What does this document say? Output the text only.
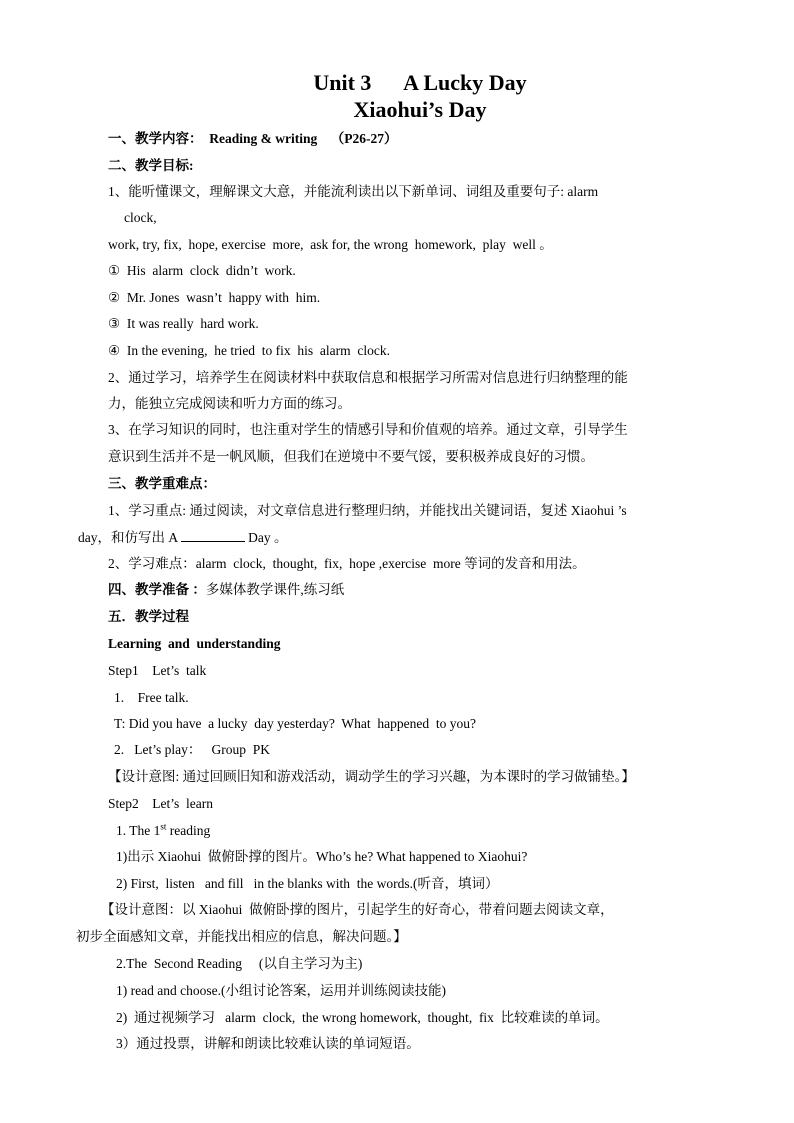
Unit 3      A Lucky Day
Xiaohui’s Day
一、教学内容：  Reading & writing    （P26-27）
二、教学目标:
1、能听懂课文，理解课文大意，并能流利读出以下新单词、词组及重要句子: alarm
clock,
work, try, fix,  hope, exercise  more,  ask for, the wrong  homework,  play  well 。
①  His  alarm  clock  didn’t  work.
②  Mr. Jones  wasn’t  happy with  him.
③  It was really  hard work.
④  In the evening,  he tried  to fix  his  alarm  clock.
2、通过学习，培养学生在阅读材料中获取信息和根据学习所需对信息进行归纳整理的能
力，能独立完成阅读和听力方面的练习。
3、在学习知识的同时，也注重对学生的情感引导和价值观的培养。通过文章，引导学生
意识到生活并不是一帆风顺，但我们在逆境中不要气馁，要积极养成良好的习惯。
三、教学重难点：
1、学习重点: 通过阅读，对文章信息进行整理归纳，并能找出关键词语，复述 Xiaohui ’s
day，和仿写出 A	Day 。
2、学习难点：alarm  clock,  thought,  fix,  hope ,exercise  more 等词的发音和用法。
四、教学准备 ：多媒体教学课件,练习纸
五．教学过程
Learning  and  understanding
Step1    Let’s  talk
1.    Free talk.
T: Did you have  a lucky  day yesterday?  What  happened  to you?
2.   Let’s play：   Group  PK
【设计意图: 通过回顾旧知和游戏活动，调动学生的学习兴趣，为本课时的学习做铺垫。】
Step2    Let’s  learn
1. The 1st reading
1)出示 Xiaohui  做俯卧撑的图片。Who’s he? What happened to Xiaohui?
2) First,  listen   and fill   in the blanks with  the words.(听音，填词）
【设计意图：以 Xiaohui  做俯卧撑的图片，引起学生的好奇心，带着问题去阅读文章，
初步全面感知文章，并能找出相应的信息，解决问题。】
2.The  Second Reading     (以自主学习为主)
1) read and choose.(小组讨论答案，运用并训练阅读技能)
2)  通过视频学习   alarm  clock,  the wrong homework,  thought,  fix  比较难读的单词。
3）通过投票，讲解和朗读比较难认读的单词短语。
